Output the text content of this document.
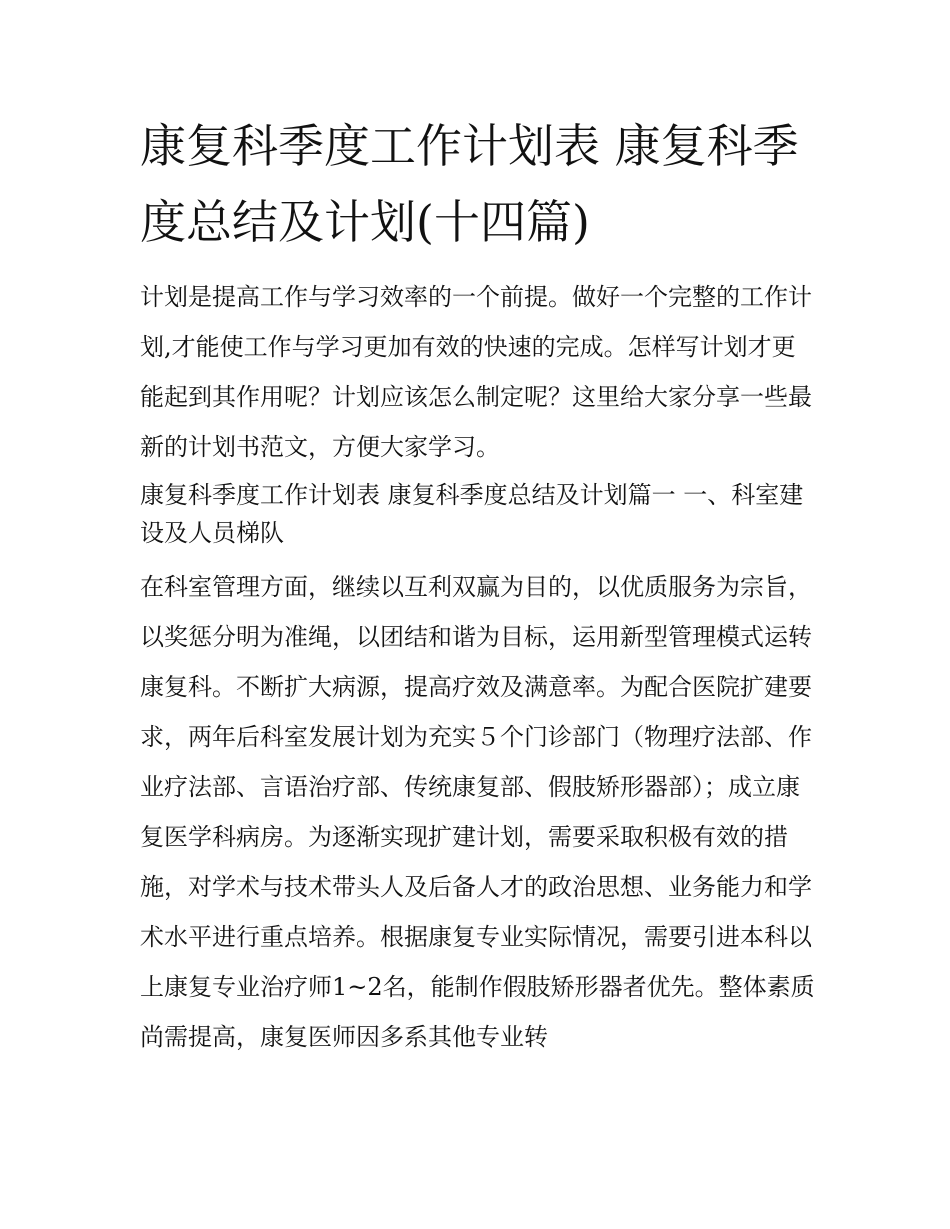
康复科季度工作计划表 康复科季度总结及计划(十四篇)

计划是提高工作与学习效率的一个前提。做好一个完整的工作计划,才能使工作与学习更加有效的快速的完成。怎样写计划才更能起到其作用呢？计划应该怎么制定呢？这里给大家分享一些最新的计划书范文，方便大家学习。

康复科季度工作计划表 康复科季度总结及计划篇一 一、科室建设及人员梯队

在科室管理方面，继续以互利双赢为目的，以优质服务为宗旨，以奖惩分明为准绳，以团结和谐为目标，运用新型管理模式运转康复科。不断扩大病源，提高疗效及满意率。为配合医院扩建要求，两年后科室发展计划为充实５个门诊部门（物理疗法部、作业疗法部、言语治疗部、传统康复部、假肢矫形器部）；成立康复医学科病房。为逐渐实现扩建计划，需要采取积极有效的措施，对学术与技术带头人及后备人才的政治思想、业务能力和学术水平进行重点培养。根据康复专业实际情况，需要引进本科以上康复专业治疗师1~2名，能制作假肢矫形器者优先。整体素质尚需提高，康复医师因多系其他专业转
